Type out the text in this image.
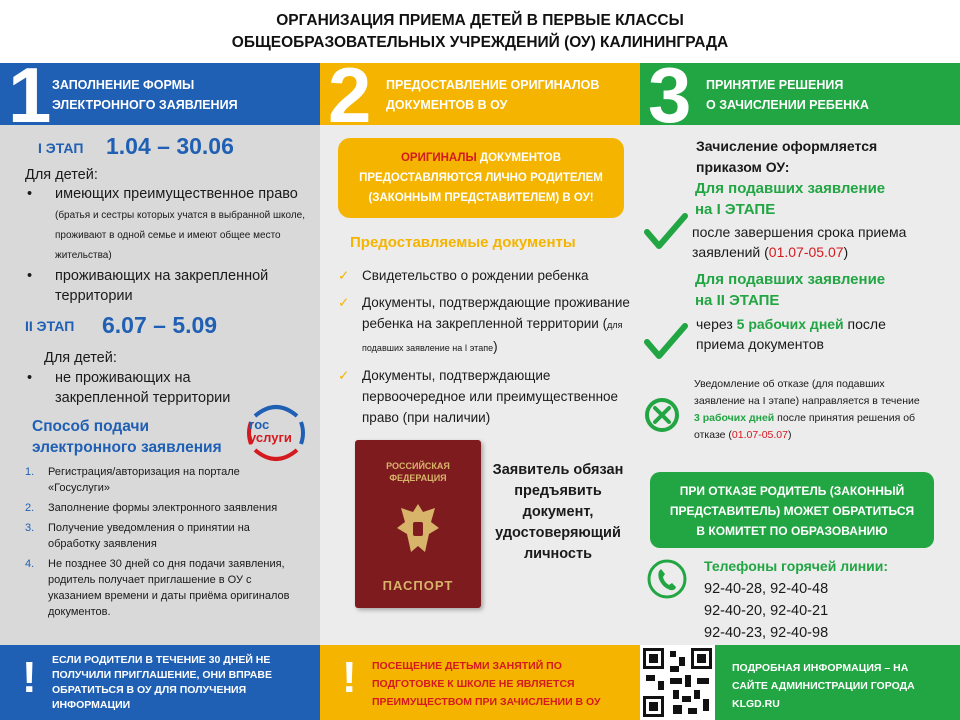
ОРГАНИЗАЦИЯ ПРИЕМА ДЕТЕЙ В ПЕРВЫЕ КЛАССЫ
ОБЩЕОБРАЗОВАТЕЛЬНЫХ УЧРЕЖДЕНИЙ (ОУ) КАЛИНИНГРАДА
1 ЗАПОЛНЕНИЕ ФОРМЫ
ЭЛЕКТРОННОГО ЗАЯВЛЕНИЯ 2 ПРЕДОСТАВЛЕНИЕ ОРИГИНАЛОВ
ДОКУМЕНТОВ В ОУ	3 ПРИНЯТИЕ РЕШЕНИЯ
О ЗАЧИСЛЕНИИ РЕБЕНКА
I ЭТАП 1.04 – 30.06
Для детей:
• имеющих преимущественное право (братья и сестры которых учатся в выбранной школе, проживают в одной семье и имеют общее место жительства)
• проживающих на закрепленной территории
II ЭТАП 6.07 – 5.09
Для детей:
• не проживающих на закрепленной территории
Способ подачи
электронного заявления
гос
услуги
1. Регистрация/авторизация на портале «Госуслуги»
2. Заполнение формы электронного заявления
3. Получение уведомления о принятии на обработку заявления
4. Не позднее 30 дней со дня подачи заявления, родитель получает приглашение в ОУ с указанием времени и даты приёма оригиналов документов.
ОРИГИНАЛЫ ДОКУМЕНТОВ
ПРЕДОСТАВЛЯЮТСЯ ЛИЧНО РОДИТЕЛЕМ
(ЗАКОННЫМ ПРЕДСТАВИТЕЛЕМ) В ОУ!
Предоставляемые документы
✓ Свидетельство о рождении ребенка
✓ Документы, подтверждающие проживание ребенка на закрепленной территории (для подавших заявление на I этапе)
✓ Документы, подтверждающие первоочередное или преимущественное право (при наличии)
РОССИЙСКАЯ
ФЕДЕРАЦИЯ
ПАСПОРТ
Заявитель обязан предъявить документ, удостоверяющий личность
Зачисление оформляется приказом ОУ:
Для подавших заявление
на I ЭТАПЕ
после завершения срока приема заявлений (01.07-05.07)
Для подавших заявление
на II ЭТАПЕ
через 5 рабочих дней после приема документов
Уведомление об отказе (для подавших заявление на I этапе) направляется в течение
3 рабочих дней после принятия решения об отказе (01.07-05.07)
ПРИ ОТКАЗЕ РОДИТЕЛЬ (ЗАКОННЫЙ
ПРЕДСТАВИТЕЛЬ) МОЖЕТ ОБРАТИТЬСЯ
В КОМИТЕТ ПО ОБРАЗОВАНИЮ
Телефоны горячей линии:
92-40-28, 92-40-48
92-40-20, 92-40-21
92-40-23, 92-40-98
! ЕСЛИ РОДИТЕЛИ В ТЕЧЕНИЕ 30 ДНЕЙ НЕ
ПОЛУЧИЛИ ПРИГЛАШЕНИЕ, ОНИ ВПРАВЕ
ОБРАТИТЬСЯ В ОУ ДЛЯ ПОЛУЧЕНИЯ
ИНФОРМАЦИИ
! ПОСЕЩЕНИЕ ДЕТЬМИ ЗАНЯТИЙ ПО
ПОДГОТОВКЕ К ШКОЛЕ НЕ ЯВЛЯЕТСЯ
ПРЕИМУЩЕСТВОМ ПРИ ЗАЧИСЛЕНИИ В ОУ
ПОДРОБНАЯ ИНФОРМАЦИЯ – НА
САЙТЕ АДМИНИСТРАЦИИ ГОРОДА
KLGD.RU
